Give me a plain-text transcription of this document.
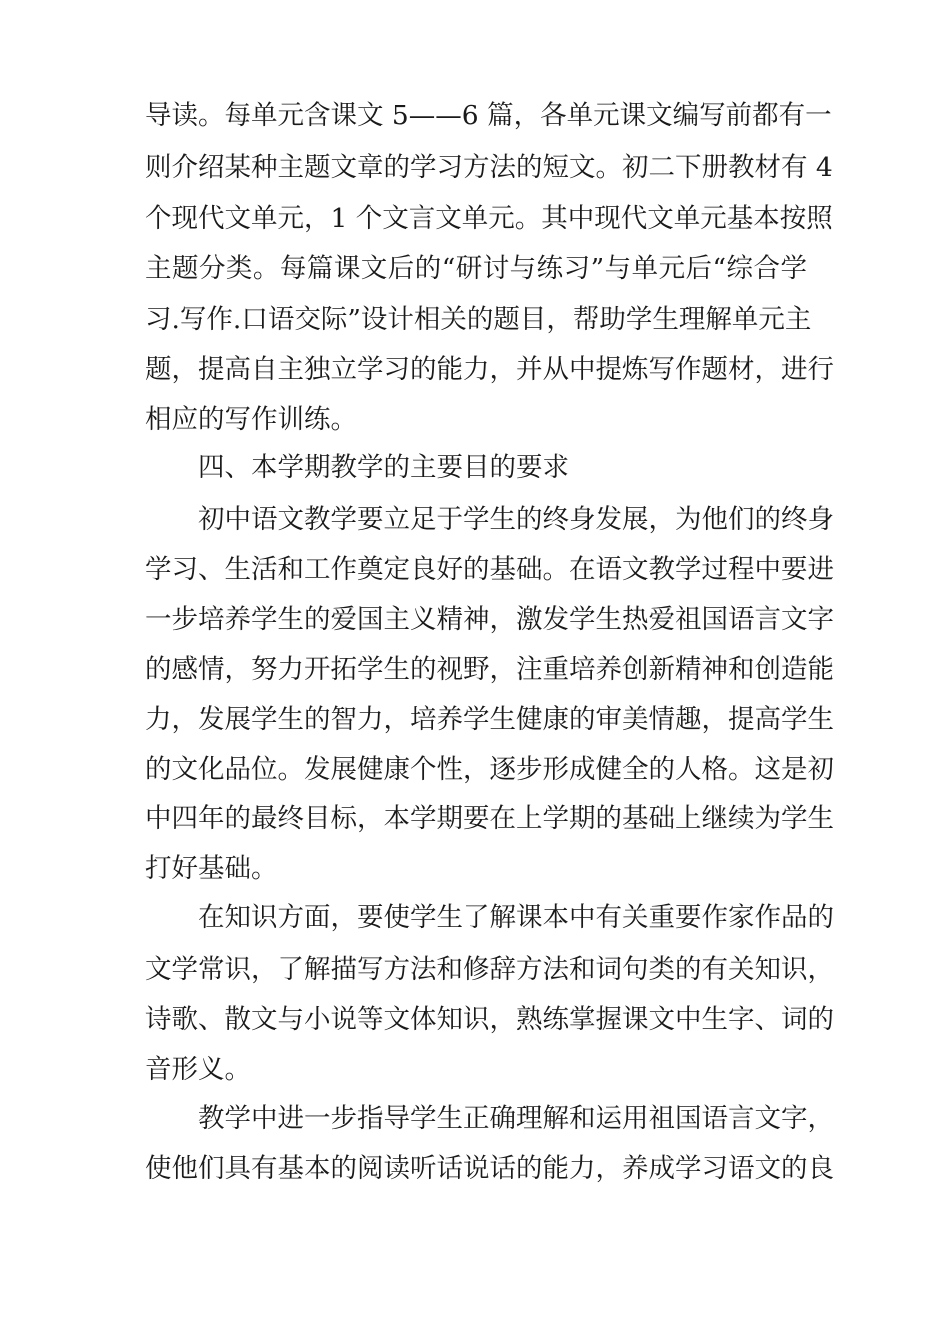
导读。每单元含课文 5——6 篇，各单元课文编写前都有一
则介绍某种主题文章的学习方法的短文。初二下册教材有 4
个现代文单元，1 个文言文单元。其中现代文单元基本按照
主题分类。每篇课文后的“研讨与练习”与单元后“综合学
习.写作.口语交际”设计相关的题目，帮助学生理解单元主
题，提高自主独立学习的能力，并从中提炼写作题材，进行
相应的写作训练。
四、本学期教学的主要目的要求
初中语文教学要立足于学生的终身发展，为他们的终身
学习、生活和工作奠定良好的基础。在语文教学过程中要进
一步培养学生的爱国主义精神，激发学生热爱祖国语言文字
的感情，努力开拓学生的视野，注重培养创新精神和创造能
力，发展学生的智力，培养学生健康的审美情趣，提高学生
的文化品位。发展健康个性，逐步形成健全的人格。这是初
中四年的最终目标，本学期要在上学期的基础上继续为学生
打好基础。
在知识方面，要使学生了解课本中有关重要作家作品的
文学常识，了解描写方法和修辞方法和词句类的有关知识，
诗歌、散文与小说等文体知识，熟练掌握课文中生字、词的
音形义。
教学中进一步指导学生正确理解和运用祖国语言文字，
使他们具有基本的阅读听话说话的能力，养成学习语文的良
